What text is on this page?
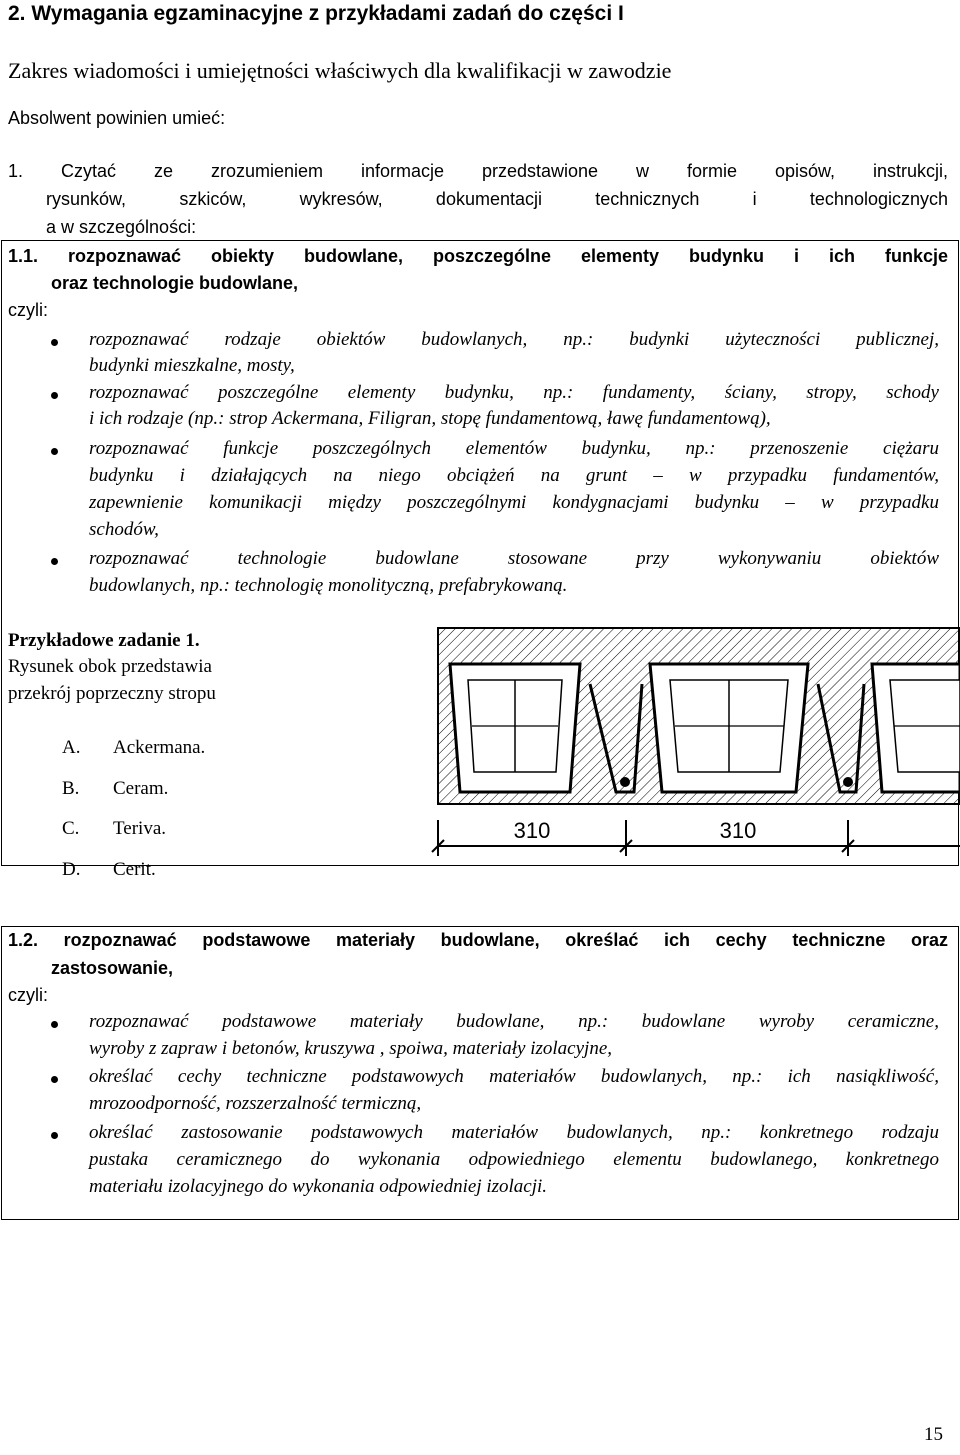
2. Wymagania egzaminacyjne z przykładami zadań do części I
Zakres wiadomości i umiejętności właściwych dla kwalifikacji w zawodzie
Absolwent powinien umieć:
1. Czytać ze zrozumieniem informacje przedstawione w formie opisów, instrukcji,
rysunków, szkiców, wykresów, dokumentacji technicznych i technologicznych
a w szczególności:
1.1. rozpoznawać obiekty budowlane, poszczególne elementy budynku i ich funkcje
oraz technologie budowlane,
czyli:
rozpoznawać rodzaje obiektów budowlanych, np.: budynki użyteczności publicznej,
budynki mieszkalne, mosty,
rozpoznawać poszczególne elementy budynku, np.: fundamenty, ściany, stropy, schody
i ich rodzaje (np.: strop Ackermana, Filigran, stopę fundamentową, ławę fundamentową),
rozpoznawać funkcje poszczególnych elementów budynku, np.: przenoszenie ciężaru
budynku i działających na niego obciążeń na grunt – w przypadku fundamentów,
zapewnienie komunikacji między poszczególnymi kondygnacjami budynku – w przypadku
schodów,
rozpoznawać technologie budowlane stosowane przy wykonywaniu obiektów
budowlanych, np.: technologię monolityczną, prefabrykowaną.
Przykładowe zadanie 1.
Rysunek obok przedstawia
przekrój poprzeczny stropu
A. Ackermana.
B. Ceram.
C. Teriva.
D. Cerit.
310	310
1.2. rozpoznawać podstawowe materiały budowlane, określać ich cechy techniczne oraz
zastosowanie,
czyli:
rozpoznawać podstawowe materiały budowlane, np.: budowlane wyroby ceramiczne,
wyroby z zapraw i betonów, kruszywa , spoiwa, materiały izolacyjne,
określać cechy techniczne podstawowych materiałów budowlanych, np.: ich nasiąkliwość,
mrozoodporność, rozszerzalność termiczną,
określać zastosowanie podstawowych materiałów budowlanych, np.: konkretnego rodzaju
pustaka ceramicznego do wykonania odpowiedniego elementu budowlanego, konkretnego
materiału izolacyjnego do wykonania odpowiedniej izolacji.
15
